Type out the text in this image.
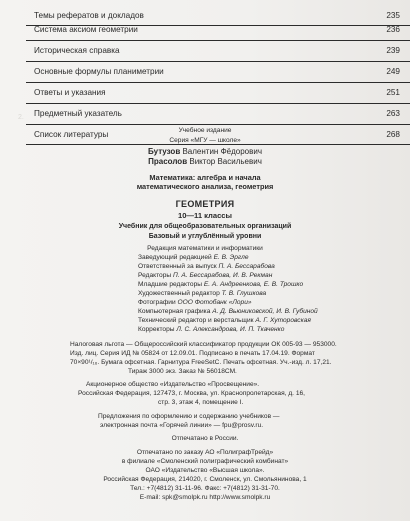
2.
Темы рефератов и докладов	235
Система аксиом геометрии	236
Историческая справка	239
Основные формулы планиметрии	249
Ответы и указания	251
Предметный указатель	263
Список литературы	268
Учебное издание
Серия «МГУ — школе»
Бутузов Валентин Фёдорович
Прасолов Виктор Васильевич
Математика: алгебра и начала
математического анализа, геометрия
ГЕОМЕТРИЯ
10—11 классы
Учебник для общеобразовательных организаций
Базовый и углублённый уровни
Редакция математики и информатики
Заведующий редакцией Е. В. Эргле
Ответственный за выпуск П. А. Бессарабова
Редакторы П. А. Бессарабова, И. В. Рекман
Младшие редакторы Е. А. Андреенкова, Е. В. Трошко
Художественный редактор Т. В. Глушкова
Фотографии ООО Фотобанк «Лори»
Компьютерная графика А. Д. Вьюниковской, И. В. Губиной
Технический редактор и верстальщик А. Г. Хуторовская
Корректоры Л. С. Александрова, И. П. Ткаченко
Налоговая льгота — Общероссийский классификатор продукции ОК 005-93 — 953000.
Изд. лиц. Серия ИД № 05824 от 12.09.01. Подписано в печать 17.04.19. Формат
70×90¹/₁₆. Бумага офсетная. Гарнитура FreeSetC. Печать офсетная. Уч.-изд. л. 17,21.
Тираж 3000 экз. Заказ № 56018СМ.
Акционерное общество «Издательство «Просвещение».
Российская Федерация, 127473, г. Москва, ул. Краснопролетарская, д. 16,
стр. 3, этаж 4, помещение I.
Предложения по оформлению и содержанию учебников —
электронная почта «Горячей линии» — fpu@prosv.ru.
Отпечатано в России.
Отпечатано по заказу АО «ПолиграфТрейд»
в филиале «Смоленский полиграфический комбинат»
ОАО «Издательство «Высшая школа».
Российская Федерация, 214020, г. Смоленск, ул. Смольянинова, 1
Тел.: +7(4812) 31-11-96. Факс: +7(4812) 31-31-70.
E-mail: spk@smolpk.ru http://www.smolpk.ru
